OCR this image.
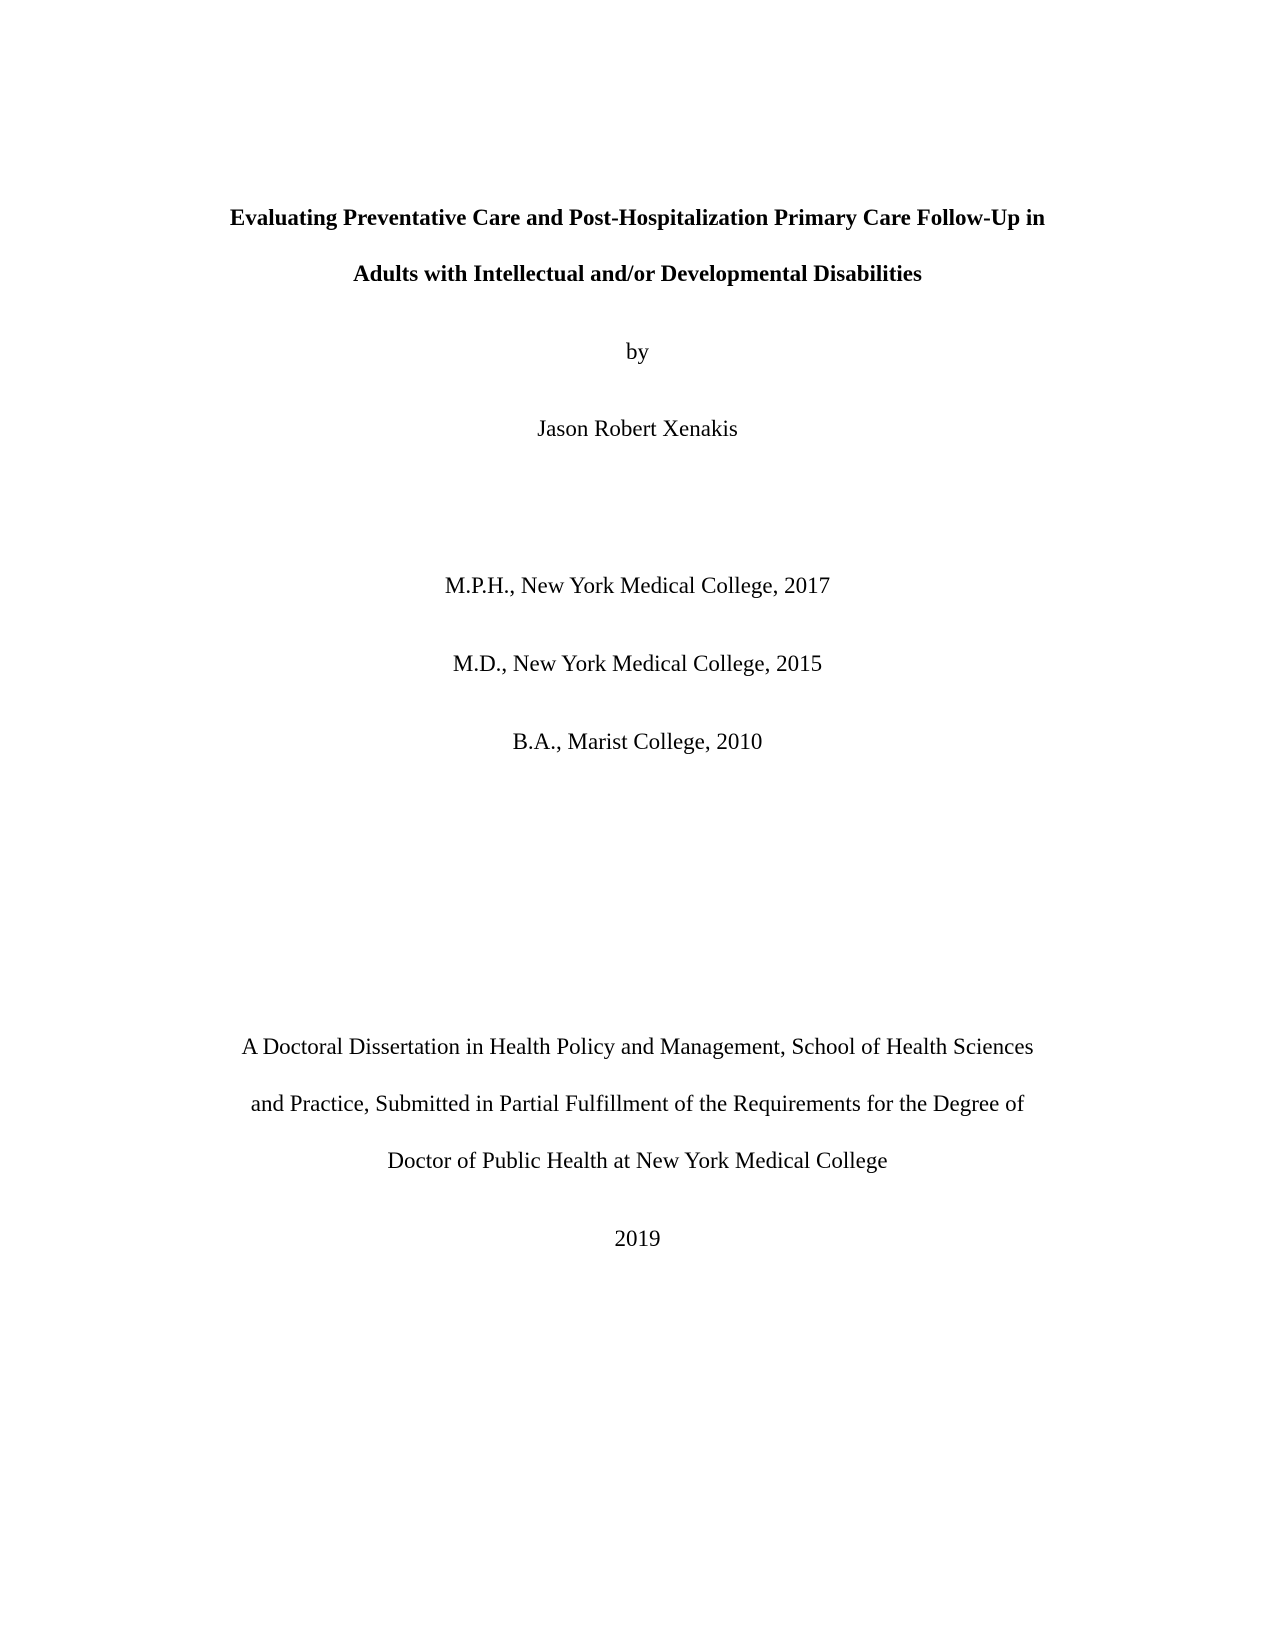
Evaluating Preventative Care and Post-Hospitalization Primary Care Follow-Up in

Adults with Intellectual and/or Developmental Disabilities

by

Jason Robert Xenakis

M.P.H., New York Medical College, 2017

M.D., New York Medical College, 2015

B.A., Marist College, 2010

A Doctoral Dissertation in Health Policy and Management, School of Health Sciences

and Practice, Submitted in Partial Fulfillment of the Requirements for the Degree of

Doctor of Public Health at New York Medical College

2019
